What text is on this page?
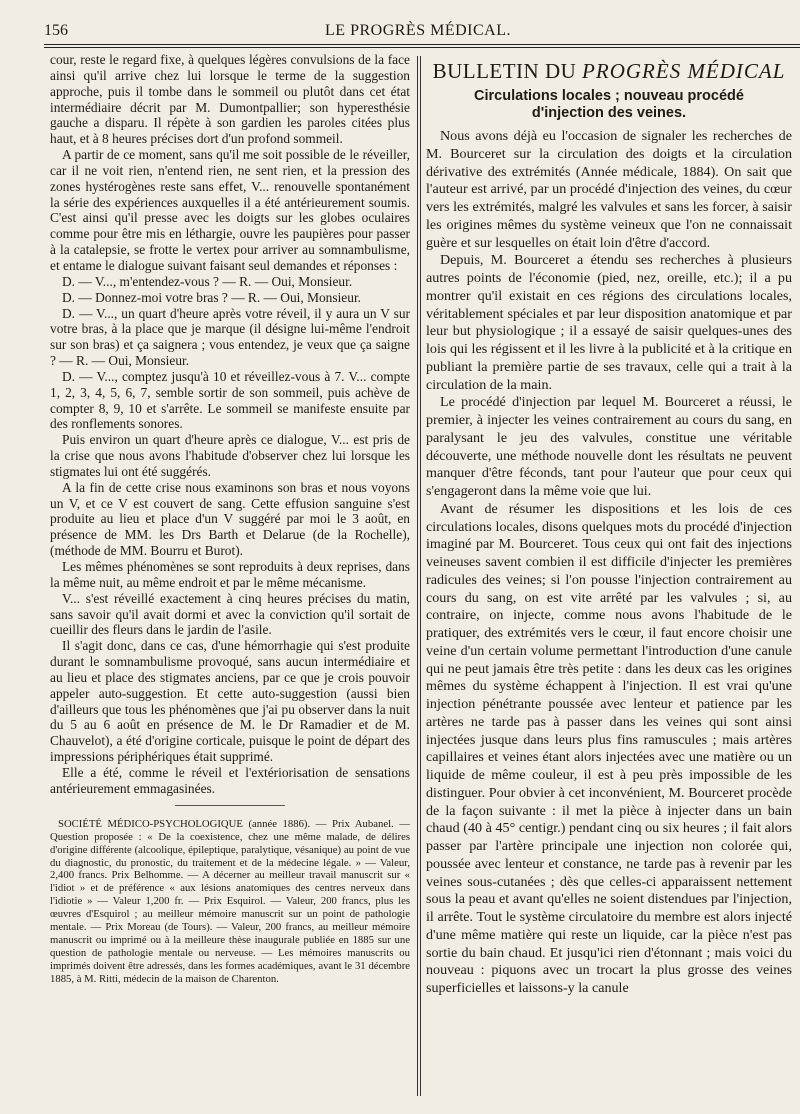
156	LE PROGRÈS MÉDICAL.

cour, reste le regard fixe, à quelques légères convulsions de la face ainsi qu'il arrive chez lui lorsque le terme de la suggestion approche, puis il tombe dans le sommeil ou plutôt dans cet état intermédiaire décrit par M. Dumontpallier; son hyperesthésie gauche a disparu. Il répète à son gardien les paroles citées plus haut, et à 8 heures précises dort d'un profond sommeil.

A partir de ce moment, sans qu'il me soit possible de le réveiller, car il ne voit rien, n'entend rien, ne sent rien, et la pression des zones hystérogènes reste sans effet, V... renouvelle spontanément la série des expériences auxquelles il a été antérieurement soumis. C'est ainsi qu'il presse avec les doigts sur les globes oculaires comme pour être mis en léthargie, ouvre les paupières pour passer à la catalepsie, se frotte le vertex pour arriver au somnambulisme, et entame le dialogue suivant faisant seul demandes et réponses :

D. — V..., m'entendez-vous ? — R. — Oui, Monsieur.

D. — Donnez-moi votre bras ? — R. — Oui, Monsieur.

D. — V..., un quart d'heure après votre réveil, il y aura un V sur votre bras, à la place que je marque (il désigne lui-même l'endroit sur son bras) et ça saignera ; vous entendez, je veux que ça saigne ? — R. — Oui, Monsieur.

D. — V..., comptez jusqu'à 10 et réveillez-vous à 7. V... compte 1, 2, 3, 4, 5, 6, 7, semble sortir de son sommeil, puis achève de compter 8, 9, 10 et s'arrête. Le sommeil se manifeste ensuite par des ronflements sonores.

Puis environ un quart d'heure après ce dialogue, V... est pris de la crise que nous avons l'habitude d'observer chez lui lorsque les stigmates lui ont été suggérés.

A la fin de cette crise nous examinons son bras et nous voyons un V, et ce V est couvert de sang. Cette effusion sanguine s'est produite au lieu et place d'un V suggéré par moi le 3 août, en présence de MM. les Drs Barth et Delarue (de la Rochelle), (méthode de MM. Bourru et Burot).

Les mêmes phénomènes se sont reproduits à deux reprises, dans la même nuit, au même endroit et par le même mécanisme.

V... s'est réveillé exactement à cinq heures précises du matin, sans savoir qu'il avait dormi et avec la conviction qu'il sortait de cueillir des fleurs dans le jardin de l'asile.

Il s'agit donc, dans ce cas, d'une hémorrhagie qui s'est produite durant le somnambulisme provoqué, sans aucun intermédiaire et au lieu et place des stigmates anciens, par ce que je crois pouvoir appeler auto-suggestion. Et cette auto-suggestion (aussi bien d'ailleurs que tous les phénomènes que j'ai pu observer dans la nuit du 5 au 6 août en présence de M. le Dr Ramadier et de M. Chauvelot), a été d'origine corticale, puisque le point de départ des impressions périphériques était supprimé.

Elle a été, comme le réveil et l'extériorisation de sensations antérieurement emmagasinées.

SOCIÉTÉ MÉDICO-PSYCHOLOGIQUE (année 1886). — Prix Aubanel. — Question proposée : « De la coexistence, chez une même malade, de délires d'origine différente (alcoolique, épileptique, paralytique, vésanique) au point de vue du diagnostic, du pronostic, du traitement et de la médecine légale. » — Valeur, 2,400 francs. Prix Belhomme. — A décerner au meilleur travail manuscrit sur « l'idiot » et de préférence « aux lésions anatomiques des centres nerveux dans l'idiotie » — Valeur 1,200 fr. — Prix Esquirol. — Valeur, 200 francs, plus les œuvres d'Esquirol ; au meilleur mémoire manuscrit sur un point de pathologie mentale. — Prix Moreau (de Tours). — Valeur, 200 francs, au meilleur mémoire manuscrit ou imprimé ou à la meilleure thèse inaugurale publiée en 1885 sur une question de pathologie mentale ou nerveuse. — Les mémoires manuscrits ou imprimés doivent être adressés, dans les formes académiques, avant le 31 décembre 1885, à M. Ritti, médecin de la maison de Charenton.

BULLETIN DU PROGRÈS MÉDICAL
Circulations locales ; nouveau procédé
d'injection des veines.

Nous avons déjà eu l'occasion de signaler les recherches de M. Bourceret sur la circulation des doigts et la circulation dérivative des extrémités (Année médicale, 1884). On sait que l'auteur est arrivé, par un procédé d'injection des veines, du cœur vers les extrémités, malgré les valvules et sans les forcer, à saisir les origines mêmes du système veineux que l'on ne connaissait guère et sur lesquelles on était loin d'être d'accord.

Depuis, M. Bourceret a étendu ses recherches à plusieurs autres points de l'économie (pied, nez, oreille, etc.); il a pu montrer qu'il existait en ces régions des circulations locales, véritablement spéciales et par leur disposition anatomique et par leur but physiologique ; il a essayé de saisir quelques-unes des lois qui les régissent et il les livre à la publicité et à la critique en publiant la première partie de ses travaux, celle qui a trait à la circulation de la main.

Le procédé d'injection par lequel M. Bourceret a réussi, le premier, à injecter les veines contrairement au cours du sang, en paralysant le jeu des valvules, constitue une véritable découverte, une méthode nouvelle dont les résultats ne peuvent manquer d'être féconds, tant pour l'auteur que pour ceux qui s'engageront dans la même voie que lui.

Avant de résumer les dispositions et les lois de ces circulations locales, disons quelques mots du procédé d'injection imaginé par M. Bourceret. Tous ceux qui ont fait des injections veineuses savent combien il est difficile d'injecter les premières radicules des veines; si l'on pousse l'injection contrairement au cours du sang, on est vite arrêté par les valvules ; si, au contraire, on injecte, comme nous avons l'habitude de le pratiquer, des extrémités vers le cœur, il faut encore choisir une veine d'un certain volume permettant l'introduction d'une canule qui ne peut jamais être très petite : dans les deux cas les origines mêmes du système échappent à l'injection. Il est vrai qu'une injection pénétrante poussée avec lenteur et patience par les artères ne tarde pas à passer dans les veines qui sont ainsi injectées jusque dans leurs plus fins ramuscules ; mais artères capillaires et veines étant alors injectées avec une matière ou un liquide de même couleur, il est à peu près impossible de les distinguer. Pour obvier à cet inconvénient, M. Bourceret procède de la façon suivante : il met la pièce à injecter dans un bain chaud (40 à 45° centigr.) pendant cinq ou six heures ; il fait alors passer par l'artère principale une injection non colorée qui, poussée avec lenteur et constance, ne tarde pas à revenir par les veines sous-cutanées ; dès que celles-ci apparaissent nettement sous la peau et avant qu'elles ne soient distendues par l'injection, il arrête. Tout le système circulatoire du membre est alors injecté d'une même matière qui reste un liquide, car la pièce n'est pas sortie du bain chaud. Et jusqu'ici rien d'étonnant ; mais voici du nouveau : piquons avec un trocart la plus grosse des veines superficielles et laissons-y la canule
